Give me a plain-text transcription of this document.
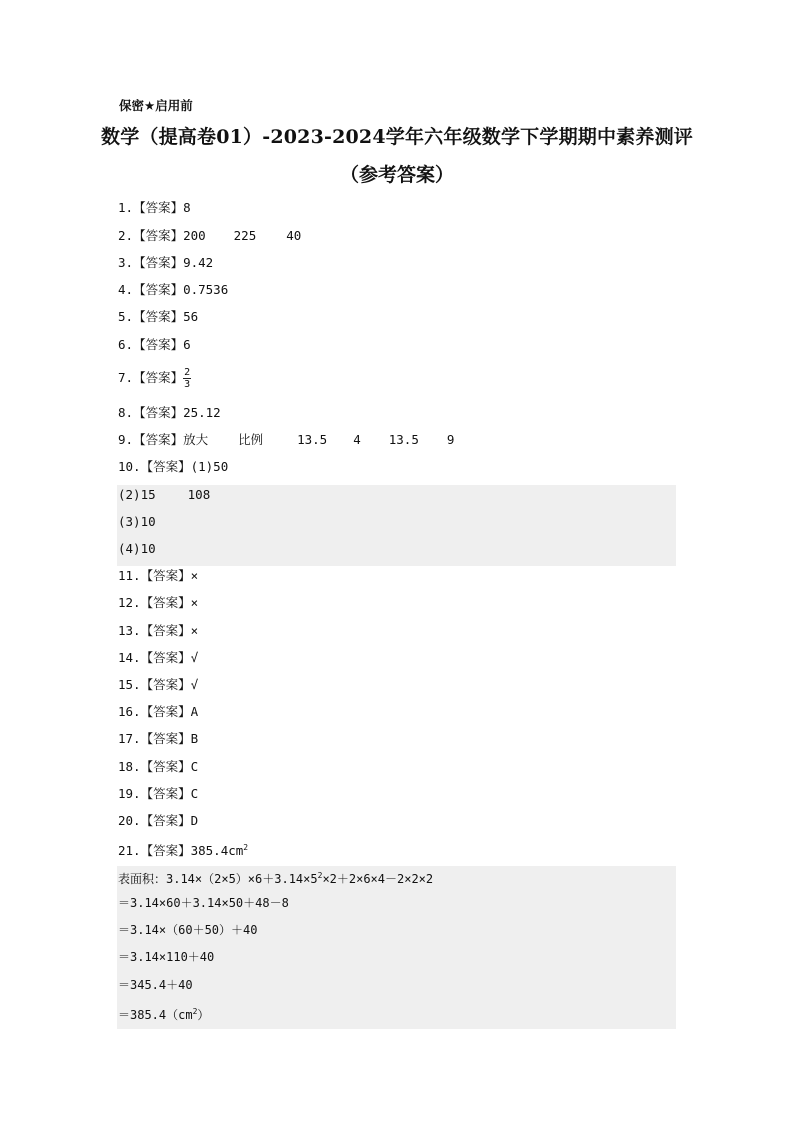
保密★启用前
数学（提高卷01）-2023-2024学年六年级数学下学期期中素养测评
（参考答案）
1.【答案】8
2.【答案】200 225 40
3.【答案】9.42
4.【答案】0.7536
5.【答案】56
6.【答案】6
7.【答案】 $\frac{2}{3}$
8.【答案】25.12
9.【答案】放大 比例	13.5 4 13.5 9
10.【答案】(1)50
(2)15	108
(3)10
(4)10
11.【答案】×
12.【答案】×
13.【答案】×
14.【答案】√
15.【答案】√
16.【答案】A
17.【答案】B
18.【答案】C
19.【答案】C
20.【答案】D
21.【答案】$385.4cm^2$
表面积：$3.14\times(2\times 5)\times 6+3.14\times 5^2\times 2+2\times 6\times 4-2\times 2\times 2$
＝3.14×60＋3.14×50＋48－8
＝3.14×（60＋50）＋40
＝3.14×110＋40
＝345.4＋40
$=385.4(cm^2)$
